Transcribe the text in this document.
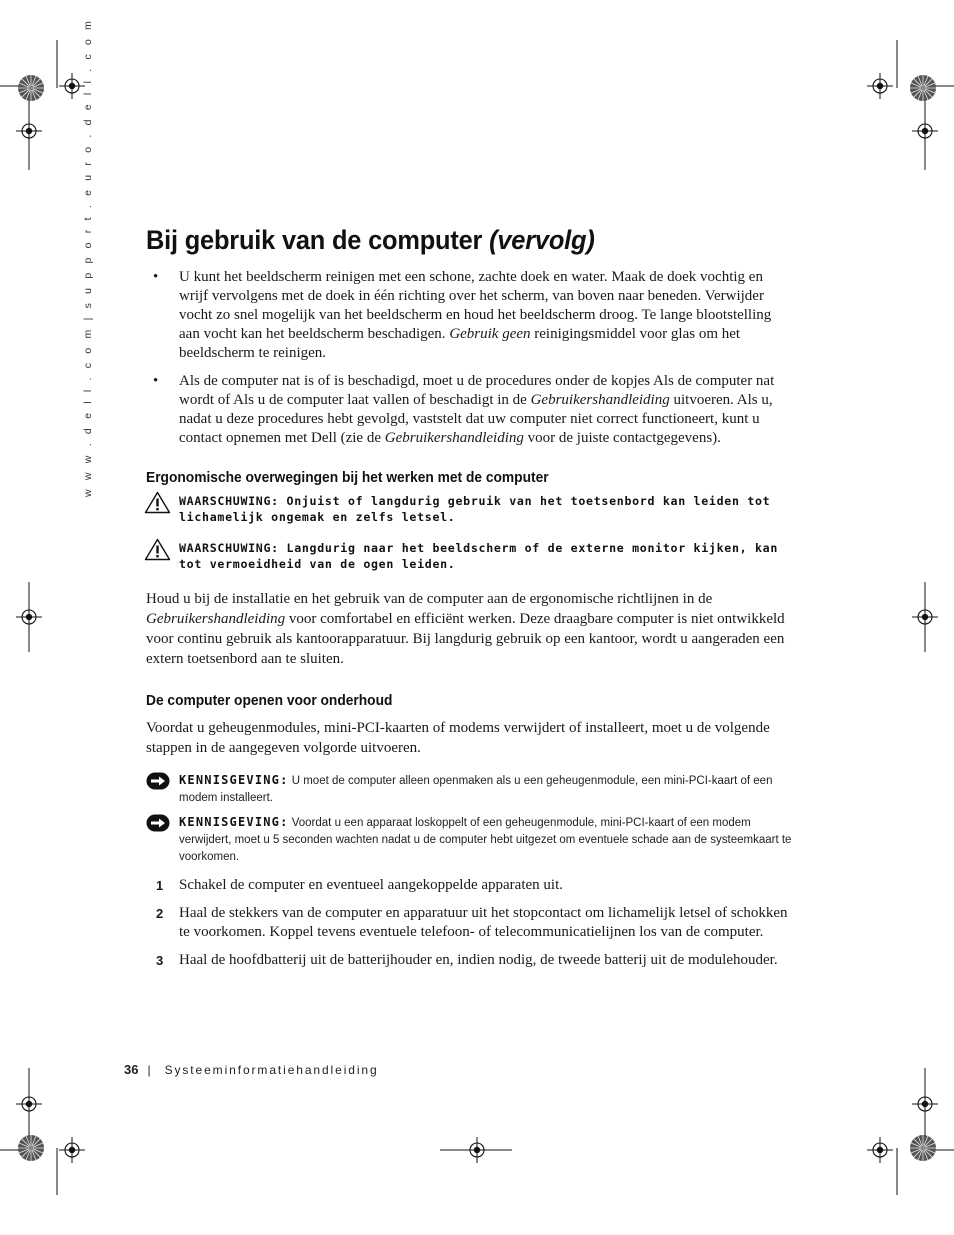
w w w . d e l l . c o m | s u p p o r t . e u r o . d e l l . c o m Bij gebruik van de computer (vervolg)
• U kunt het beeldscherm reinigen met een schone, zachte doek en water. Maak de doek vochtig en wrijf vervolgens met de doek in één richting over het scherm, van boven naar beneden. Verwijder vocht zo snel mogelijk van het beeldscherm en houd het beeldscherm droog. Te lange blootstelling aan vocht kan het beeldscherm beschadigen. Gebruik geen reinigingsmiddel voor glas om het beeldscherm te reinigen.
• Als de computer nat is of is beschadigd, moet u de procedures onder de kopjes Als de computer nat wordt of Als u de computer laat vallen of beschadigt in de Gebruikershandleiding uitvoeren. Als u, nadat u deze procedures hebt gevolgd, vaststelt dat uw computer niet correct functioneert, kunt u contact opnemen met Dell (zie de Gebruikershandleiding voor de juiste contactgegevens).
Ergonomische overwegingen bij het werken met de computer
WAARSCHUWING: Onjuist of langdurig gebruik van het toetsenbord kan leiden tot lichamelijk ongemak en zelfs letsel.
WAARSCHUWING: Langdurig naar het beeldscherm of de externe monitor kijken, kan tot vermoeidheid van de ogen leiden.

Houd u bij de installatie en het gebruik van de computer aan de ergonomische richtlijnen in de Gebruikershandleiding voor comfortabel en efficiënt werken. Deze draagbare computer is niet ontwikkeld voor continu gebruik als kantoorapparatuur. Bij langdurig gebruik op een kantoor, wordt u aangeraden een extern toetsenbord aan te sluiten.

De computer openen voor onderhoud

Voordat u geheugenmodules, mini-PCI-kaarten of modems verwijdert of installeert, moet u de volgende stappen in de aangegeven volgorde uitvoeren.

KENNISGEVING: U moet de computer alleen openmaken als u een geheugenmodule, een mini-PCI-kaart of een modem installeert.
KENNISGEVING: Voordat u een apparaat loskoppelt of een geheugenmodule, mini-PCI-kaart of een modem verwijdert, moet u 5 seconden wachten nadat u de computer hebt uitgezet om eventuele schade aan de systeemkaart te voorkomen.
1 Schakel de computer en eventueel aangekoppelde apparaten uit.
2 Haal de stekkers van de computer en apparatuur uit het stopcontact om lichamelijk letsel of schokken te voorkomen. Koppel tevens eventuele telefoon- of telecommunicatielijnen los van de computer.
3 Haal de hoofdbatterij uit de batterijhouder en, indien nodig, de tweede batterij uit de modulehouder.
36 | Systeeminformatiehandleiding
